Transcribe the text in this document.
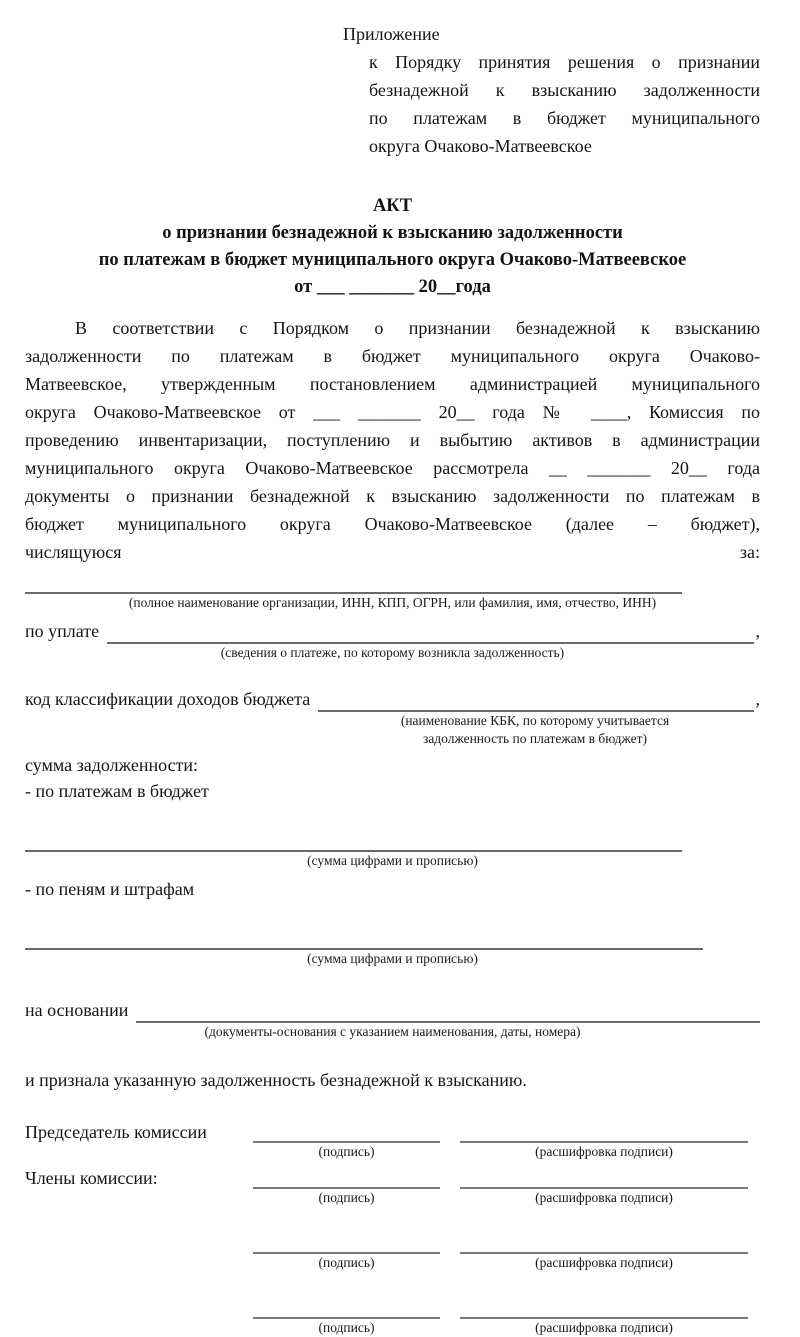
Приложение
к Порядку принятия решения о признании
безнадежной к взысканию задолженности
по платежам в бюджет муниципального
округа Очаково-Матвеевское
АКТ
о признании безнадежной к взысканию задолженности
по платежам в бюджет муниципального округа Очаково-Матвеевское
от ___ _______ 20__года
В соответствии с Порядком о признании безнадежной к взысканию
задолженности по платежам в бюджет муниципального округа Очаково-
Матвеевское, утвержденным постановлением администрацией муниципального
округа Очаково-Матвеевское от ___ _______ 20__ года № ____, Комиссия по
проведению инвентаризации, поступлению и выбытию активов в администрации
муниципального округа Очаково-Матвеевское рассмотрела __ _______ 20__ года
документы о признании безнадежной к взысканию задолженности по платежам в
бюджет муниципального округа Очаково-Матвеевское (далее – бюджет),
числящуюся	за:
(полное наименование организации, ИНН, КПП, ОГРН, или фамилия, имя, отчество, ИНН)
по уплате	,
(сведения о платеже, по которому возникла задолженность)
код классификации доходов бюджета	,
(наименование КБК, по которому учитывается
задолженность по платежам в бюджет)
сумма задолженности:
- по платежам в бюджет
(сумма цифрами и прописью)
- по пеням и штрафам
(сумма цифрами и прописью)
на основании
(документы-основания с указанием наименования, даты, номера)
и признала указанную задолженность безнадежной к взысканию.
Председатель комиссии
(подпись)	(расшифровка подписи)
Члены комиссии:
(подпись)	(расшифровка подписи)
(подпись)	(расшифровка подписи)
(подпись)	(расшифровка подписи)
